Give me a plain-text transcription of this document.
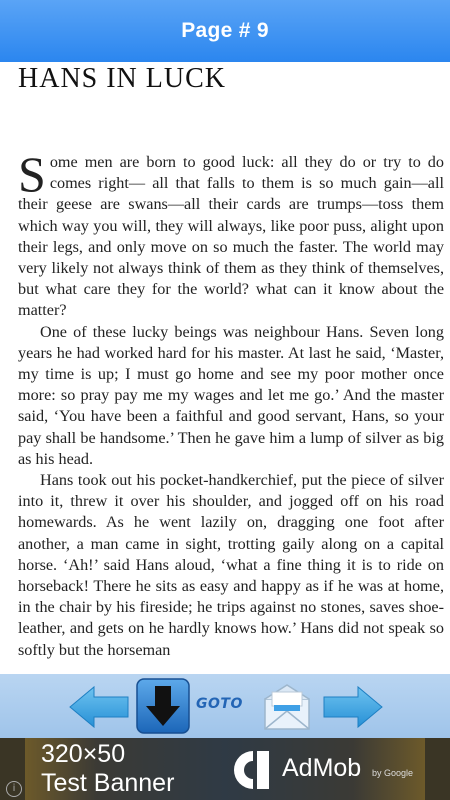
Page # 9
HANS IN LUCK

Some men are born to good luck: all they do or try to do comes right— all that falls to them is so much gain—all their geese are swans—all their cards are trumps—toss them which way you will, they will always, like poor puss, alight upon their legs, and only move on so much the faster. The world may very likely not always think of them as they think of themselves, but what care they for the world? what can it know about the matter?

One of these lucky beings was neighbour Hans. Seven long years he had worked hard for his master. At last he said, ‘Master, my time is up; I must go home and see my poor mother once more: so pray pay me my wages and let me go.’ And the master said, ‘You have been a faithful and good servant, Hans, so your pay shall be handsome.’ Then he gave him a lump of silver as big as his head.

Hans took out his pocket-handkerchief, put the piece of silver into it, threw it over his shoulder, and jogged off on his road homewards. As he went lazily on, dragging one foot after another, a man came in sight, trotting gaily along on a capital horse. ‘Ah!’ said Hans aloud, ‘what a fine thing it is to ride on horseback! There he sits as easy and happy as if he was at home, in the chair by his fireside; he trips against no stones, saves shoe-leather, and gets on he hardly knows how.’ Hans did not speak so softly but the horseman

GOTO
320×50
Test Banner
AdMob by Google
i
